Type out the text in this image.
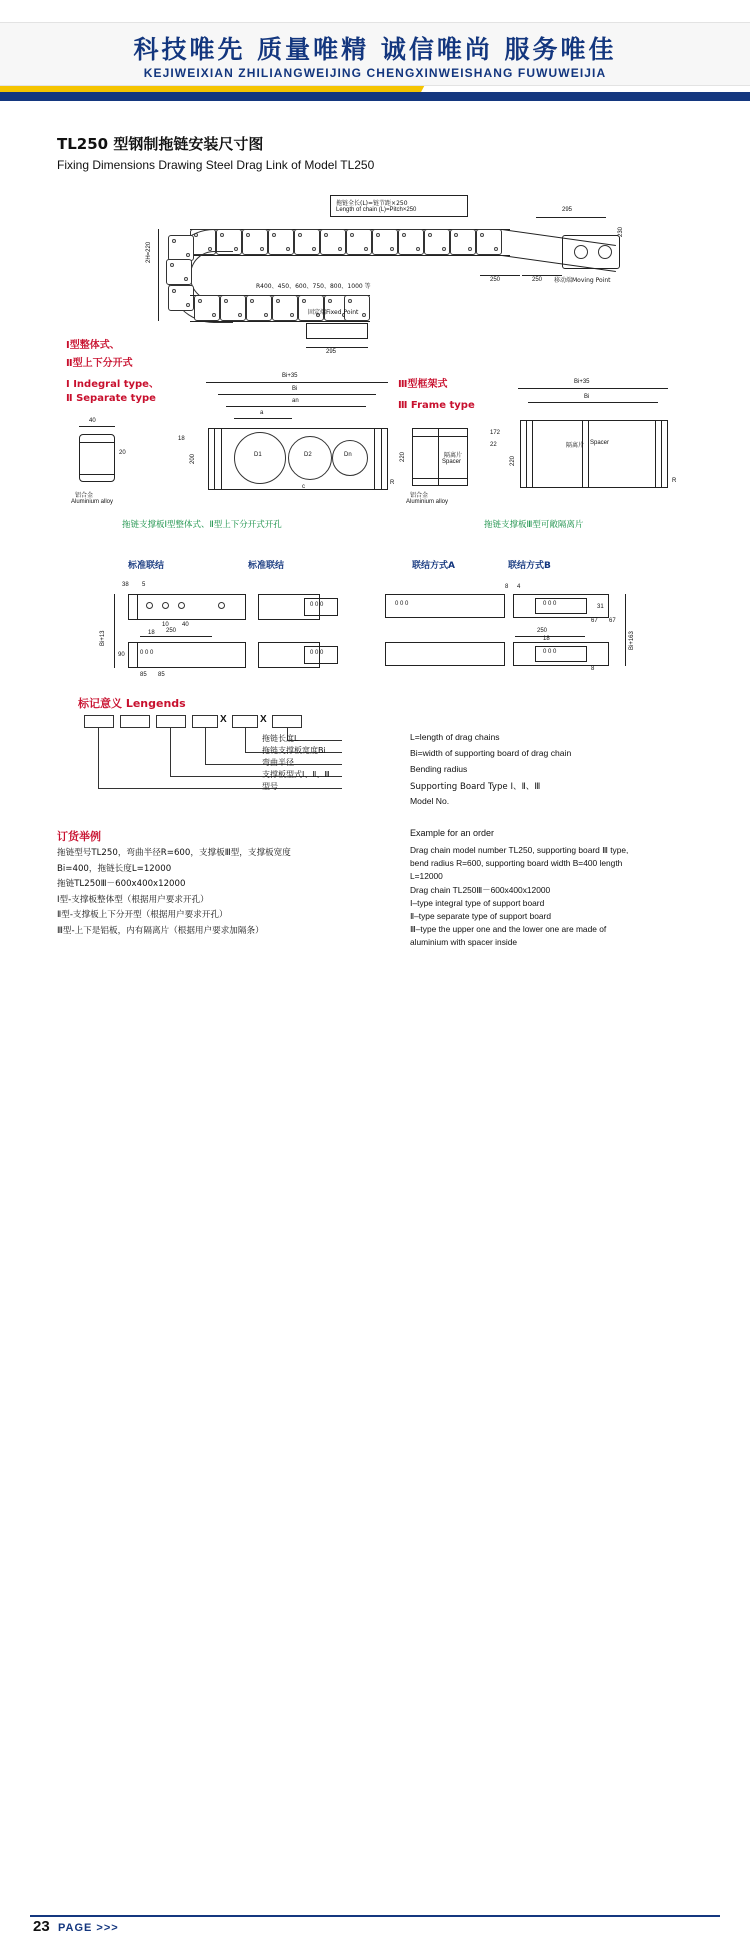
科技唯先 质量唯精 诚信唯尚 服务唯佳
KEJIWEIXIAN ZHILIANGWEIJING CHENGXINWEISHANG FUWUWEIJIA
TL250 型钢制拖链安装尺寸图
Fixing Dimensions Drawing Steel Drag Link of Model TL250
拖链全长(L)=链节距×250
Length of chain (L)=Pitch×250
固定端Fixed Point
移动端Moving Point
R400、450、600、750、800、1000 等
2H=220
295
230
250	250
295
Ⅰ型整体式、
Ⅱ型上下分开式
Ⅰ Indegral type、
Ⅱ Separate type
Ⅲ型框架式
Ⅲ Frame type
40
20
铝合金
Aluminium alloy
Bi+35
Bi
an
a
D1	D2	Dn
c
200
R
18
220	隔离片
Spacer
铝合金
Aluminium alloy
Bi+35
Bi
隔离片 Spacer
220
R
172
22
拖链支撑板Ⅰ型整体式、Ⅱ型上下分开式开孔	拖链支撑板Ⅲ型可敞隔离片
标准联结	标准联结	联结方式A	联结方式B
0 0 0
0 0 0	0 0 0
Bi+13
38 5
10 40
18 250
85 85
90
0 0 0	0 0 0
0 0 0
Bi+163
8 4
250
18
8
31
67 67
标记意义 Lengends
X	X
拖链长度L
拖链支撑板宽度Bi
弯曲半径
支撑板型式Ⅰ、Ⅱ、Ⅲ
型号
L=length of drag chains
Bi=width of supporting board of drag chain
Bending radius
Supporting Board Type Ⅰ、Ⅱ、Ⅲ
Model No.
订货举例
拖链型号TL250，弯曲半径R=600，支撑板Ⅲ型，支撑板宽度
Bi=400，拖链长度L=12000
拖链TL250Ⅲ－600x400x12000
Ⅰ型-支撑板整体型（根据用户要求开孔）
Ⅱ型-支撑板上下分开型（根据用户要求开孔）
Ⅲ型-上下是铝板，内有隔离片（根据用户要求加隔条）
Example for an order
Drag chain model number TL250, supporting board Ⅲ type,
bend radius R=600, supporting board width B=400 length
L=12000
Drag chain TL250Ⅲ－600x400x12000
Ⅰ–type integral type of support board
Ⅱ–type separate type of support board
Ⅲ–type the upper one and the lower one are made of
aluminium with spacer inside
23 PAGE >>>
